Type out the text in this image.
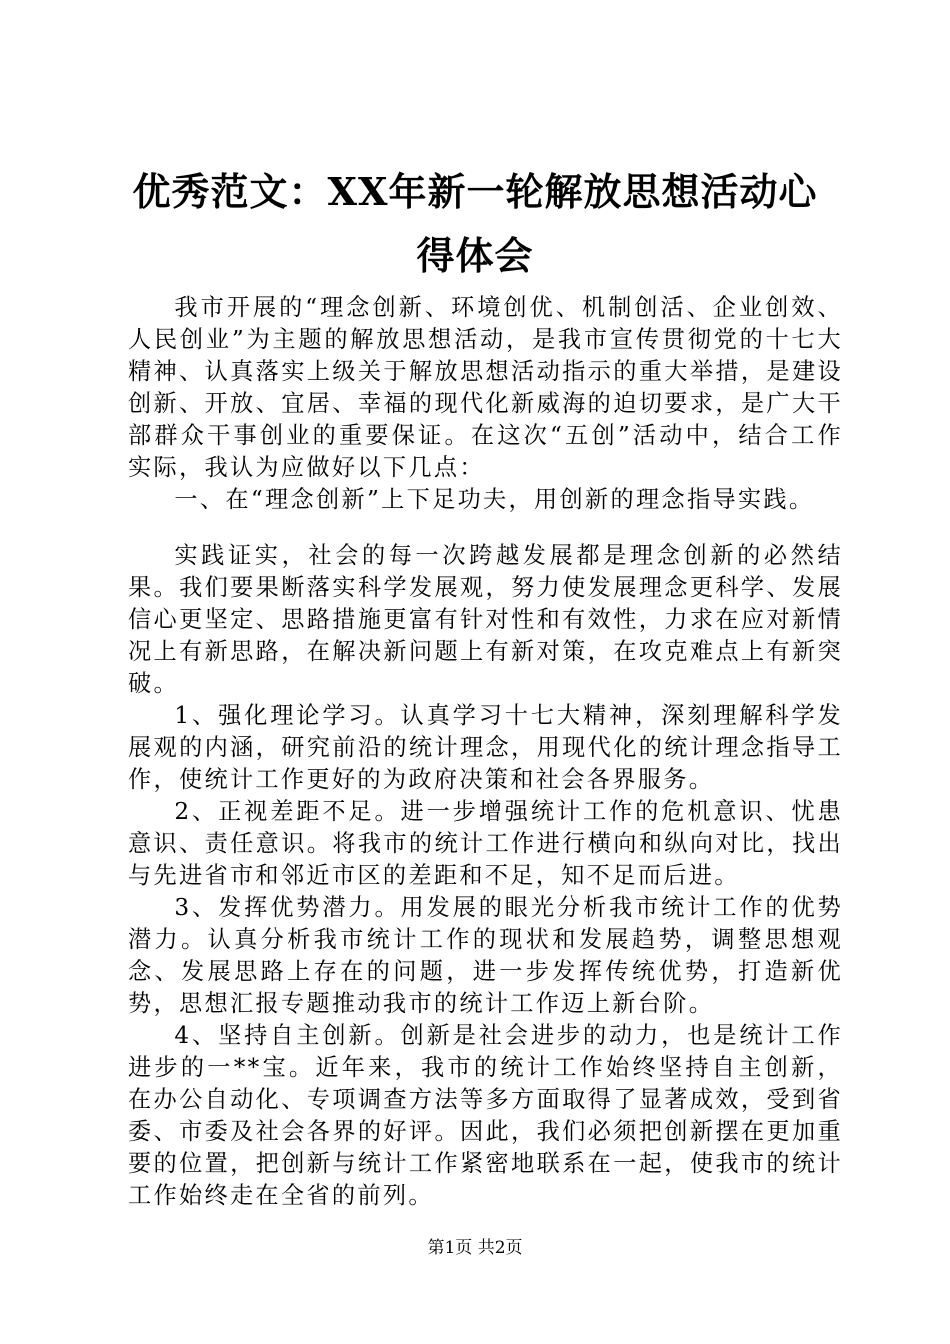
优秀范文：XX年新一轮解放思想活动心得体会

我市开展的“理念创新、环境创优、机制创活、企业创效、人民创业”为主题的解放思想活动，是我市宣传贯彻党的十七大精神、认真落实上级关于解放思想活动指示的重大举措，是建设创新、开放、宜居、幸福的现代化新威海的迫切要求，是广大干部群众干事创业的重要保证。在这次“五创”活动中，结合工作实际，我认为应做好以下几点：

一、在“理念创新”上下足功夫，用创新的理念指导实践。

实践证实，社会的每一次跨越发展都是理念创新的必然结果。我们要果断落实科学发展观，努力使发展理念更科学、发展信心更坚定、思路措施更富有针对性和有效性，力求在应对新情况上有新思路，在解决新问题上有新对策，在攻克难点上有新突破。

1、强化理论学习。认真学习十七大精神，深刻理解科学发展观的内涵，研究前沿的统计理念，用现代化的统计理念指导工作，使统计工作更好的为政府决策和社会各界服务。

2、正视差距不足。进一步增强统计工作的危机意识、忧患意识、责任意识。将我市的统计工作进行横向和纵向对比，找出与先进省市和邻近市区的差距和不足，知不足而后进。

3、发挥优势潜力。用发展的眼光分析我市统计工作的优势潜力。认真分析我市统计工作的现状和发展趋势，调整思想观念、发展思路上存在的问题，进一步发挥传统优势，打造新优势，思想汇报专题推动我市的统计工作迈上新台阶。

4、坚持自主创新。创新是社会进步的动力，也是统计工作进步的一**宝。近年来，我市的统计工作始终坚持自主创新，在办公自动化、专项调查方法等多方面取得了显著成效，受到省委、市委及社会各界的好评。因此，我们必须把创新摆在更加重要的位置，把创新与统计工作紧密地联系在一起，使我市的统计工作始终走在全省的前列。

第1页 共2页
